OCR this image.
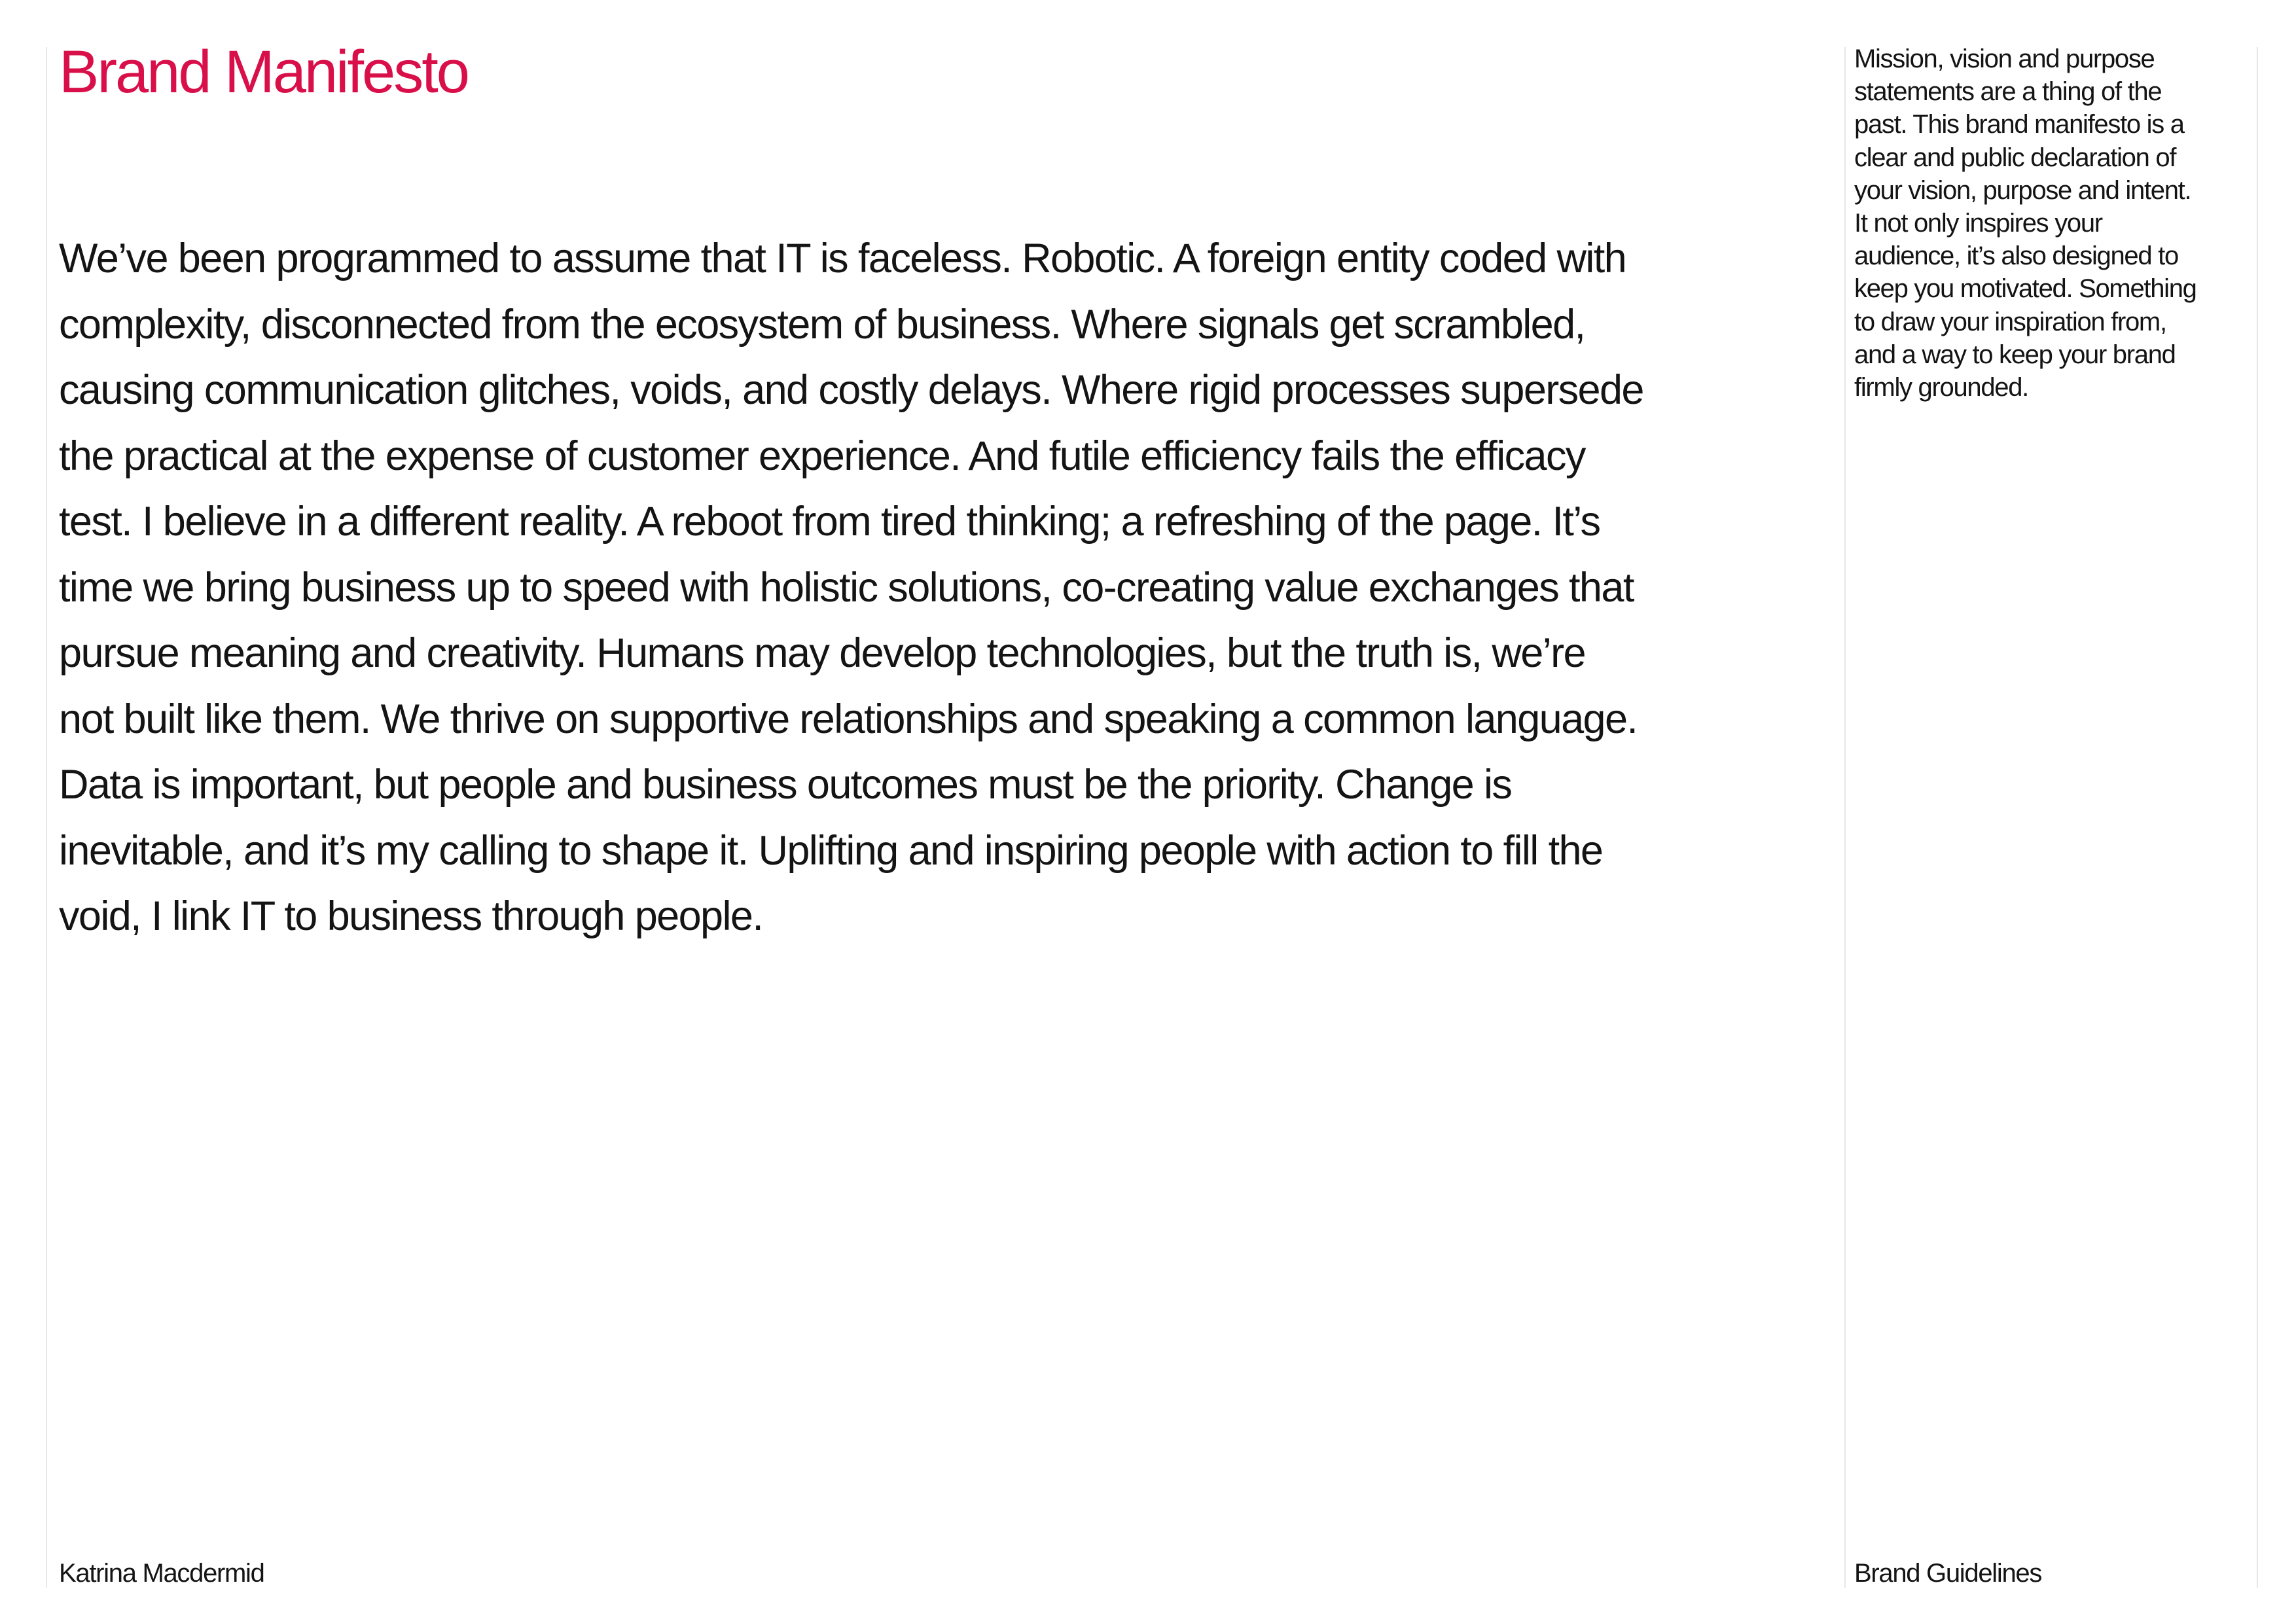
Brand Manifesto

We’ve been programmed to assume that IT is faceless. Robotic. A foreign entity coded with complexity, disconnected from the ecosystem of business. Where signals get scrambled, causing communication glitches, voids, and costly delays. Where rigid processes supersede the practical at the expense of customer experience. And futile efficiency fails the efficacy test. I believe in a different reality. A reboot from tired thinking; a refreshing of the page. It’s time we bring business up to speed with holistic solutions, co-creating value exchanges that pursue meaning and creativity. Humans may develop technologies, but the truth is, we’re not built like them. We thrive on supportive relationships and speaking a common language. Data is important, but people and business outcomes must be the priority. Change is inevitable, and it’s my calling to shape it. Uplifting and inspiring people with action to fill the void, I link IT to business through people.

Mission, vision and purpose statements are a thing of the past. This brand manifesto is a clear and public declaration of your vision, purpose and intent. It not only inspires your audience, it’s also designed to keep you motivated. Something to draw your inspiration from, and a way to keep your brand firmly grounded.

Katrina Macdermid	Brand Guidelines
